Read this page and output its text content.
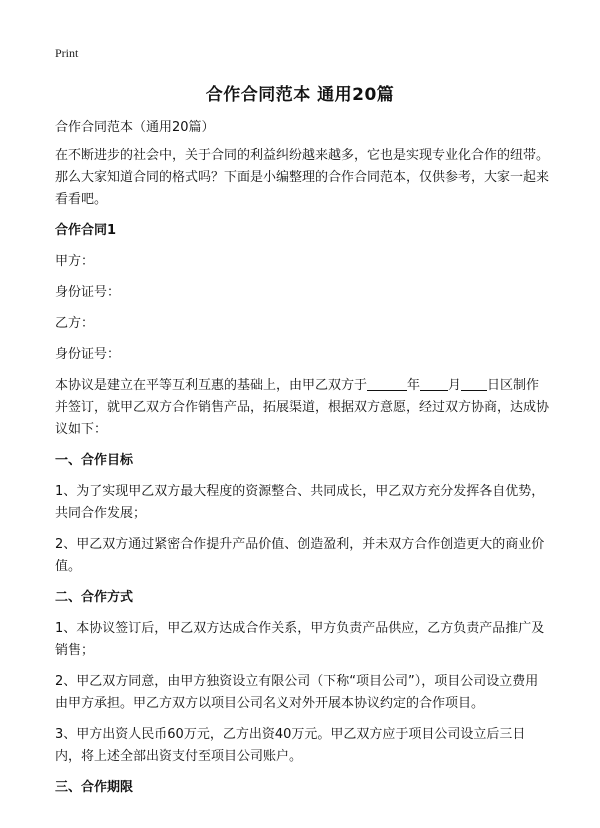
Print
合作合同范本 通用20篇

合作合同范本（通用20篇）

在不断进步的社会中，关于合同的利益纠纷越来越多，它也是实现专业化合作的纽带。那么大家知道合同的格式吗？下面是小编整理的合作合同范本，仅供参考，大家一起来看看吧。

合作合同1

甲方：

身份证号：

乙方：

身份证号：

本协议是建立在平等互利互惠的基础上，由甲乙双方于	年 月 日区制作并签订，就甲乙双方合作销售产品，拓展渠道，根据双方意愿，经过双方协商，达成协议如下：

一、合作目标

1、为了实现甲乙双方最大程度的资源整合、共同成长，甲乙双方充分发挥各自优势，共同合作发展；

2、甲乙双方通过紧密合作提升产品价值、创造盈利，并未双方合作创造更大的商业价值。

二、合作方式

1、本协议签订后，甲乙双方达成合作关系，甲方负责产品供应，乙方负责产品推广及销售；

2、甲乙双方同意，由甲方独资设立有限公司（下称“项目公司”），项目公司设立费用由甲方承担。甲乙方双方以项目公司名义对外开展本协议约定的合作项目。

3、甲方出资人民币60万元，乙方出资40万元。甲乙双方应于项目公司设立后三日内，将上述全部出资支付至项目公司账户。

三、合作期限
